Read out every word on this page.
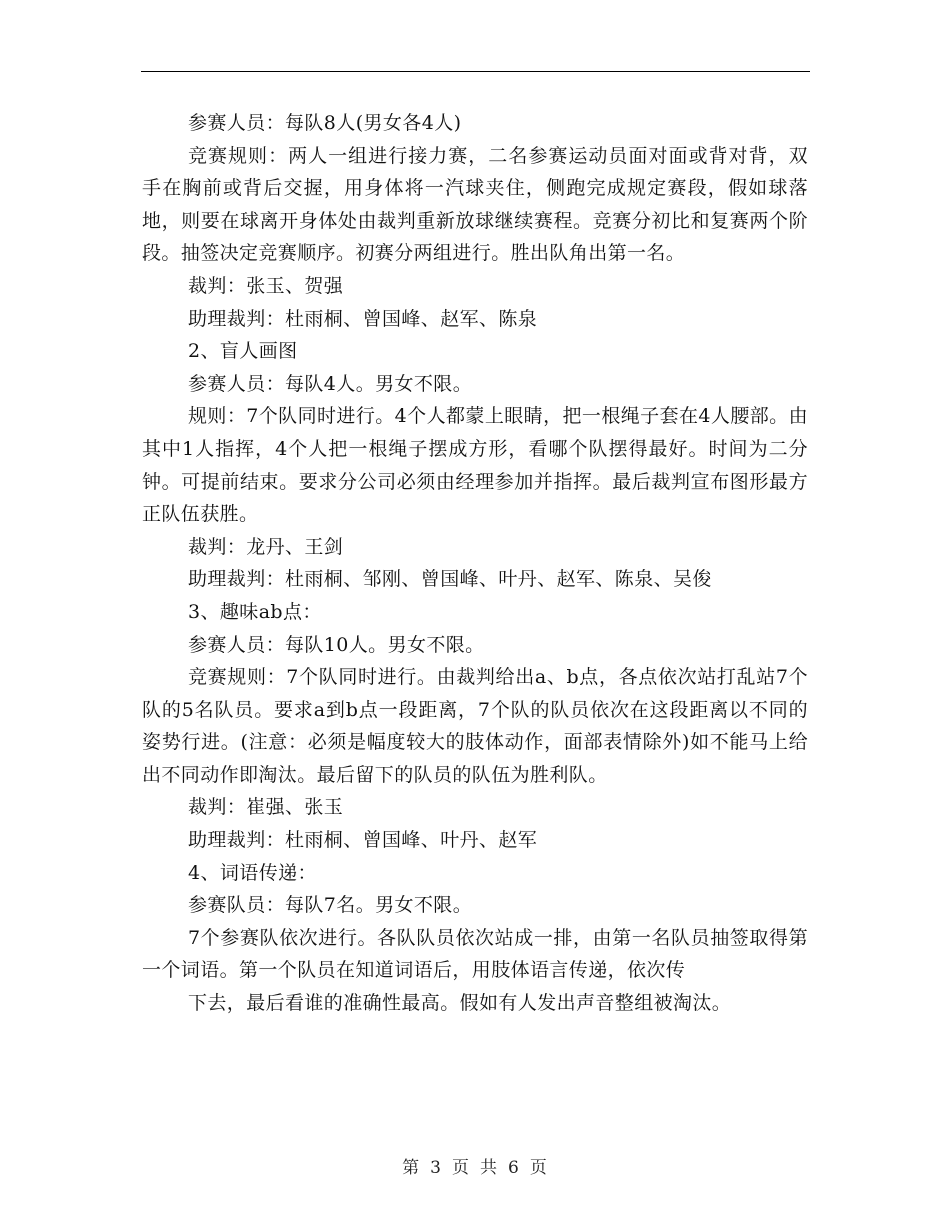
参赛人员：每队8人(男女各4人)

竞赛规则：两人一组进行接力赛，二名参赛运动员面对面或背对背，双手在胸前或背后交握，用身体将一汽球夹住，侧跑完成规定赛段，假如球落地，则要在球离开身体处由裁判重新放球继续赛程。竞赛分初比和复赛两个阶段。抽签决定竞赛顺序。初赛分两组进行。胜出队角出第一名。

裁判：张玉、贺强

助理裁判：杜雨桐、曾国峰、赵军、陈泉

2、盲人画图

参赛人员：每队4人。男女不限。

规则：7个队同时进行。4个人都蒙上眼睛，把一根绳子套在4人腰部。由其中1人指挥，4个人把一根绳子摆成方形，看哪个队摆得最好。时间为二分钟。可提前结束。要求分公司必须由经理参加并指挥。最后裁判宣布图形最方正队伍获胜。

裁判：龙丹、王剑

助理裁判：杜雨桐、邹刚、曾国峰、叶丹、赵军、陈泉、吴俊

3、趣味ab点：

参赛人员：每队10人。男女不限。

竞赛规则：7个队同时进行。由裁判给出a、b点，各点依次站打乱站7个队的5名队员。要求a到b点一段距离，7个队的队员依次在这段距离以不同的姿势行进。(注意：必须是幅度较大的肢体动作，面部表情除外)如不能马上给出不同动作即淘汰。最后留下的队员的队伍为胜利队。

裁判：崔强、张玉

助理裁判：杜雨桐、曾国峰、叶丹、赵军

4、词语传递：

参赛队员：每队7名。男女不限。

7个参赛队依次进行。各队队员依次站成一排，由第一名队员抽签取得第一个词语。第一个队员在知道词语后，用肢体语言传递，依次传

下去，最后看谁的准确性最高。假如有人发出声音整组被淘汰。

第 3 页 共 6 页
